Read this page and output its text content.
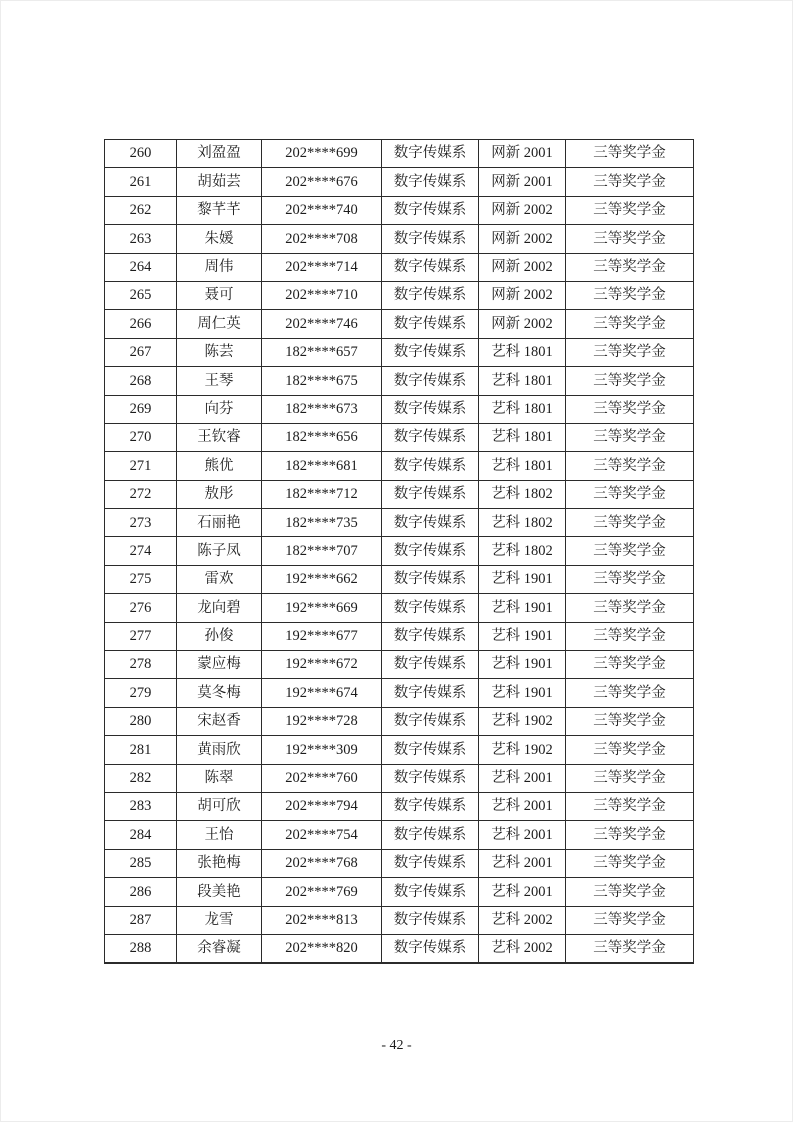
260	刘盈盈	202****699	数字传媒系	网新 2001	三等奖学金
261	胡茹芸	202****676	数字传媒系	网新 2001	三等奖学金
262	黎芊芊	202****740	数字传媒系	网新 2002	三等奖学金
263	朱媛	202****708	数字传媒系	网新 2002	三等奖学金
264	周伟	202****714	数字传媒系	网新 2002	三等奖学金
265	聂可	202****710	数字传媒系	网新 2002	三等奖学金
266	周仁英	202****746	数字传媒系	网新 2002	三等奖学金
267	陈芸	182****657	数字传媒系	艺科 1801	三等奖学金
268	王琴	182****675	数字传媒系	艺科 1801	三等奖学金
269	向芬	182****673	数字传媒系	艺科 1801	三等奖学金
270	王钦睿	182****656	数字传媒系	艺科 1801	三等奖学金
271	熊优	182****681	数字传媒系	艺科 1801	三等奖学金
272	敖彤	182****712	数字传媒系	艺科 1802	三等奖学金
273	石丽艳	182****735	数字传媒系	艺科 1802	三等奖学金
274	陈子凤	182****707	数字传媒系	艺科 1802	三等奖学金
275	雷欢	192****662	数字传媒系	艺科 1901	三等奖学金
276	龙向碧	192****669	数字传媒系	艺科 1901	三等奖学金
277	孙俊	192****677	数字传媒系	艺科 1901	三等奖学金
278	蒙应梅	192****672	数字传媒系	艺科 1901	三等奖学金
279	莫冬梅	192****674	数字传媒系	艺科 1901	三等奖学金
280	宋赵香	192****728	数字传媒系	艺科 1902	三等奖学金
281	黄雨欣	192****309	数字传媒系	艺科 1902	三等奖学金
282	陈翠	202****760	数字传媒系	艺科 2001	三等奖学金
283	胡可欣	202****794	数字传媒系	艺科 2001	三等奖学金
284	王怡	202****754	数字传媒系	艺科 2001	三等奖学金
285	张艳梅	202****768	数字传媒系	艺科 2001	三等奖学金
286	段美艳	202****769	数字传媒系	艺科 2001	三等奖学金
287	龙雪	202****813	数字传媒系	艺科 2002	三等奖学金
288	余睿凝	202****820	数字传媒系	艺科 2002	三等奖学金
- 42 -
